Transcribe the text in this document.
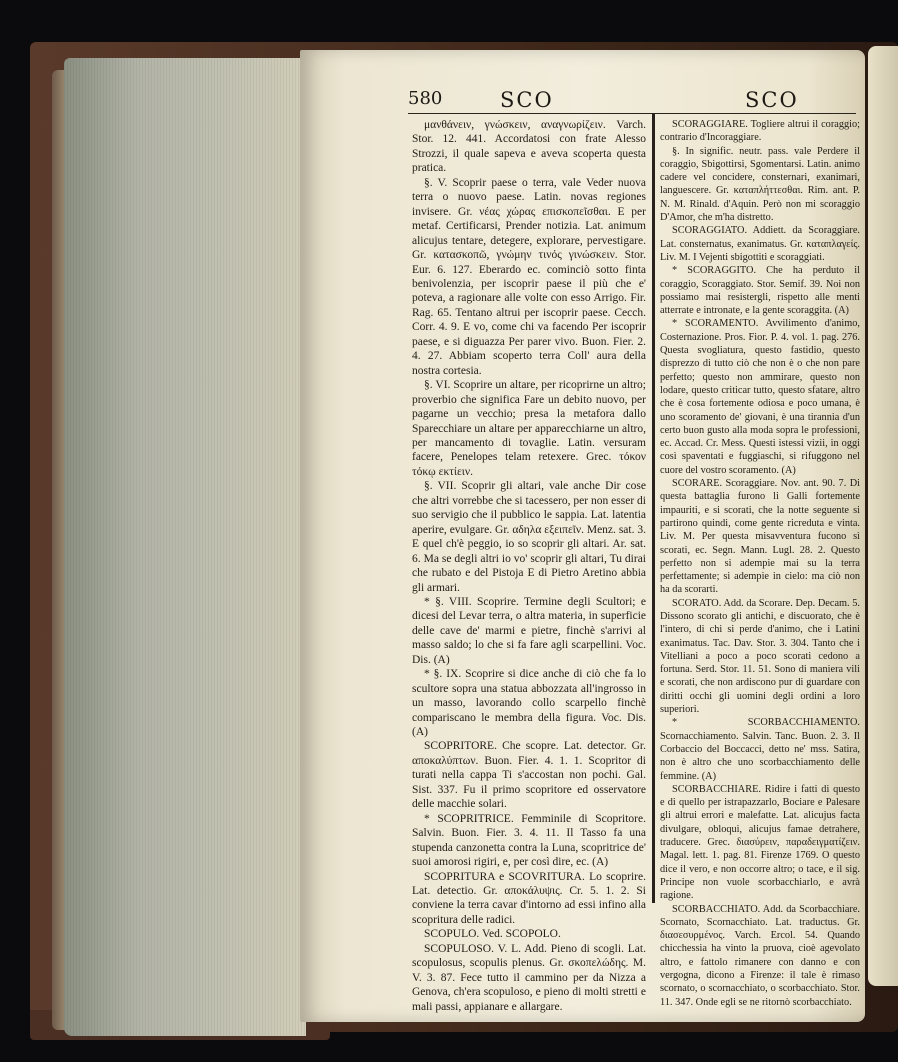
580	SCO	SCO

μανθάνειν, γνώσκειν, αναγνωρίζειν. Varch. Stor. 12. 441. Accordatosi con frate Alesso Strozzi, il quale sapeva e aveva scoperta questa pratica.

§. V. Scoprir paese o terra, vale Veder nuova terra o nuovo paese. Latin. novas regiones invisere. Gr. νέας χώρας επισκοπεῖσθαι. E per metaf. Certificarsi, Prender notizia. Lat. animum alicujus tentare, detegere, explorare, pervestigare. Gr. κατασκοπῶ, γνώμην τινός γινώσκειν. Stor. Eur. 6. 127. Eberardo ec. cominciò sotto finta benivolenzia, per iscoprir paese il più che e' poteva, a ragionare alle volte con esso Arrigo. Fir. Rag. 65. Tentano altrui per iscoprir paese. Cecch. Corr. 4. 9. E vo, come chi va facendo Per iscoprir paese, e si diguazza Per parer vivo. Buon. Fier. 2. 4. 27. Abbiam scoperto terra Coll' aura della nostra cortesia.

§. VI. Scoprire un altare, per ricoprirne un altro; proverbio che significa Fare un debito nuovo, per pagarne un vecchio; presa la metafora dallo Sparecchiare un altare per apparecchiarne un altro, per mancamento di tovaglie. Latin. versuram facere, Penelopes telam retexere. Grec. τόκον τόκῳ εκτίειν.

§. VII. Scoprir gli altari, vale anche Dir cose che altri vorrebbe che si tacessero, per non esser di suo servigio che il pubblico le sappia. Lat. latentia aperire, evulgare. Gr. αδηλα εξειπεῖν. Menz. sat. 3. E quel ch'è peggio, io so scoprir gli altari. Ar. sat. 6. Ma se degli altri io vo' scoprir gli altari, Tu dirai che rubato e del Pistoja E di Pietro Aretino abbia gli armari.

* §. VIII. Scoprire. Termine degli Scultori; e dicesi del Levar terra, o altra materia, in superficie delle cave de' marmi e pietre, finchè s'arrivi al masso saldo; lo che si fa fare agli scarpellini. Voc. Dis. (A)

* §. IX. Scoprire si dice anche di ciò che fa lo scultore sopra una statua abbozzata all'ingrosso in un masso, lavorando collo scarpello finchè compariscano le membra della figura. Voc. Dis. (A)

SCOPRITORE. Che scopre. Lat. detector. Gr. αποκαλύπτων. Buon. Fier. 4. 1. 1. Scopritor di turati nella cappa Ti s'accostan non pochi. Gal. Sist. 337. Fu il primo scopritore ed osservatore delle macchie solari.

* SCOPRITRICE. Femminile di Scopritore. Salvin. Buon. Fier. 3. 4. 11. Il Tasso fa una stupenda canzonetta contra la Luna, scopritrice de' suoi amorosi rigiri, e, per così dire, ec. (A)

SCOPRITURA e SCOVRITURA. Lo scoprire. Lat. detectio. Gr. αποκάλυψις. Cr. 5. 1. 2. Si conviene la terra cavar d'intorno ad essi infino alla scopritura delle radici.

SCOPULO. Ved. SCOPOLO.

SCOPULOSO. V. L. Add. Pieno di scogli. Lat. scopulosus, scopulis plenus. Gr. σκοπελώδης. M. V. 3. 87. Fece tutto il cammino per da Nizza a Genova, ch'era scopuloso, e pieno di molti stretti e mali passi, appianare e allargare.

SCORAGGIARE. Togliere altrui il coraggio; contrario d'Incoraggiare.

§. In signific. neutr. pass. vale Perdere il coraggio, Sbigottirsi, Sgomentarsi. Latin. animo cadere vel concidere, consternari, exanimari, languescere. Gr. καταπλήττεσθαι. Rim. ant. P. N. M. Rinald. d'Aquin. Però non mi scoraggio D'Amor, che m'ha distretto.

SCORAGGIATO. Addiett. da Scoraggiare. Lat. consternatus, exanimatus. Gr. καταπλαγείς. Liv. M. I Vejenti sbigottiti e scoraggiati.

* SCORAGGITO. Che ha perduto il coraggio, Scoraggiato. Stor. Semif. 39. Noi non possiamo mai resistergli, rispetto alle menti atterrate e intronate, e la gente scoraggita. (A)

* SCORAMENTO. Avvilimento d'animo, Costernazione. Pros. Fior. P. 4. vol. 1. pag. 276. Questa svogliatura, questo fastidio, questo disprezzo di tutto ciò che non è o che non pare perfetto; questo non ammirare, questo non lodare, questo criticar tutto, questo sfatare, altro che è cosa fortemente odiosa e poco umana, è uno scoramento de' giovani, è una tirannia d'un certo buon gusto alla moda sopra le professioni, ec. Accad. Cr. Mess. Questi istessi vizii, in oggi così spaventati e fuggiaschi, si rifuggono nel cuore del vostro scoramento. (A)

SCORARE. Scoraggiare. Nov. ant. 90. 7. Di questa battaglia furono li Galli fortemente impauriti, e si scorati, che la notte seguente si partirono quindi, come gente ricreduta e vinta. Liv. M. Per questa misavventura fucono sì scorati, ec. Segn. Mann. Lugl. 28. 2. Questo perfetto non si adempie mai su la terra perfettamente; si adempie in cielo: ma ciò non ha da scorarti.

SCORATO. Add. da Scorare. Dep. Decam. 5. Dissono scorato gli antichi, e discuorato, che è l'intero, di chi si perde d'animo, che i Latini exanimatus. Tac. Dav. Stor. 3. 304. Tanto che i Vitelliani a poco a poco scorati cedono a fortuna. Serd. Stor. 11. 51. Sono di maniera vili e scorati, che non ardiscono pur di guardare con diritti occhi gli uomini degli ordini a loro superiori.

* SCORBACCHIAMENTO. Scornacchiamento. Salvin. Tanc. Buon. 2. 3. Il Corbaccio del Boccacci, detto ne' mss. Satira, non è altro che uno scorbacchiamento delle femmine. (A)

SCORBACCHIARE. Ridire i fatti di questo e di quello per istrapazzarlo, Bociare e Palesare gli altrui errori e malefatte. Lat. alicujus facta divulgare, obloqui, alicujus famae detrahere, traducere. Grec. διασύρειν, παραδειγματίζειν. Magal. lett. 1. pag. 81. Firenze 1769. O questo dice il vero, e non occorre altro; o tace, e il sig. Principe non vuole scorbacchiarlo, e avrà ragione.

SCORBACCHIATO. Add. da Scorbacchiare. Scornato, Scornacchiato. Lat. traductus. Gr. διασεσυρμένος. Varch. Ercol. 54. Quando chicchessia ha vinto la pruova, cioè agevolato altro, e fattolo rimanere con danno e con vergogna, dicono a Firenze: il tale è rimaso scornato, o scornacchiato, o scorbacchiato. Stor. 11. 347. Onde egli se ne ritornò scorbacchiato.
